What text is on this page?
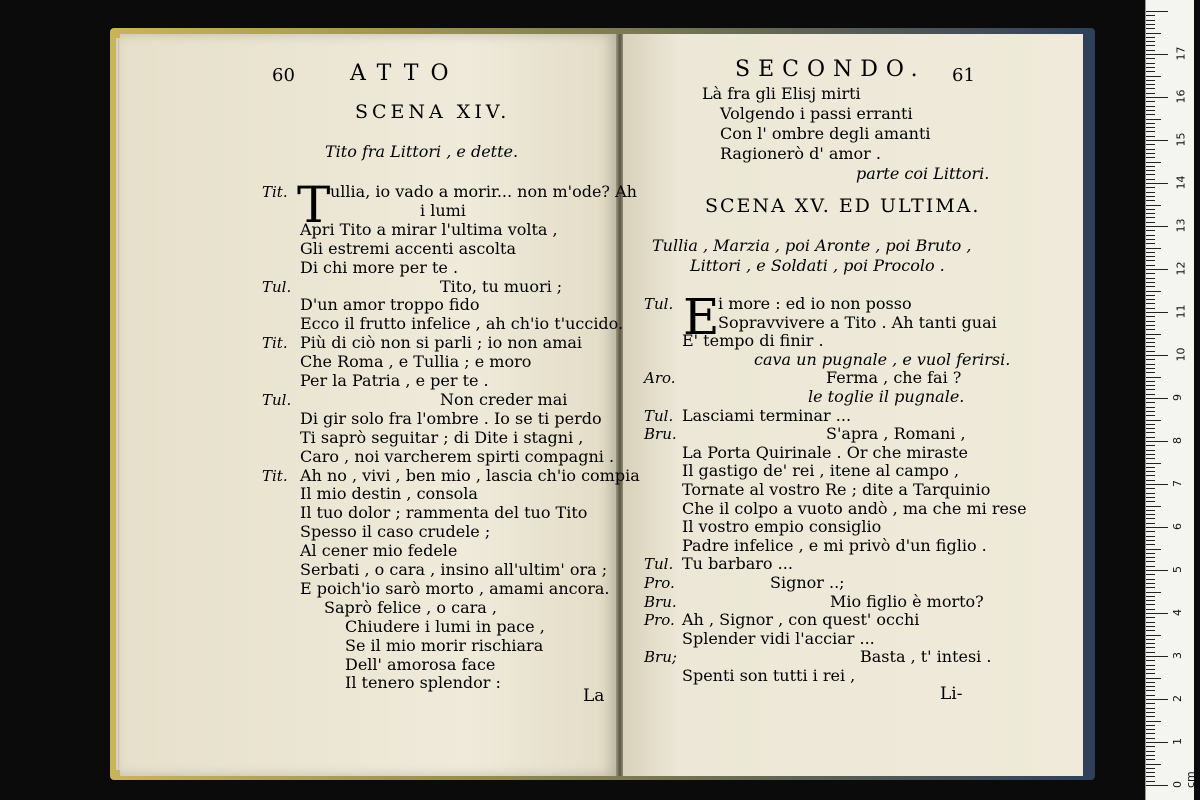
60	ATTO
SCENA XIV.
Tito fra Littori , e dette.
T
La
Tit.	ullia, io vado a morir... non m'ode? Ah
i lumi
Apri Tito a mirar l'ultima volta ,
Gli estremi accenti ascolta
Di chi more per te .
Tul.	Tito, tu muori ;
D'un amor troppo fido
Ecco il frutto infelice , ah ch'io t'uccido.
Tit. Più di ciò non si parli ; io non amai
Che Roma , e Tullia ; e moro
Per la Patria , e per te .
Tul.	Non creder mai
Di gir solo fra l'ombre . Io se ti perdo
Ti saprò seguitar ; di Dite i stagni ,
Caro , noi varcherem spirti compagni .
Tit. Ah no , vivi , ben mio , lascia ch'io compia
Il mio destin , consola
Il tuo dolor ; rammenta del tuo Tito
Spesso il caso crudele ;
Al cener mio fedele
Serbati , o cara , insino all'ultim' ora ;
E poich'io sarò morto , amami ancora.
Saprò felice , o cara ,
Chiudere i lumi in pace ,
Se il mio morir rischiara
Dell' amorosa face
Il tenero splendor :
SECONDO. 61
Là fra gli Elisj mirti
Volgendo i passi erranti
Con l' ombre degli amanti
Ragionerò d' amor .
parte coi Littori.
SCENA XV. ED ULTIMA.
Tullia , Marzia , poi Aronte , poi Bruto ,
Littori , e Soldati , poi Procolo .
E
Li-
Tul.	i more : ed io non posso
Sopravvivere a Tito . Ah tanti guai
E' tempo di finir .
cava un pugnale , e vuol ferirsi.
Aro.	Ferma , che fai ?
le toglie il pugnale.
Tul. Lasciami terminar ...
Bru.	S'apra , Romani ,
La Porta Quirinale . Or che miraste
Il gastigo de' rei , itene al campo ,
Tornate al vostro Re ; dite a Tarquinio
Che il colpo a vuoto andò , ma che mi rese
Il vostro empio consiglio
Padre infelice , e mi privò d'un figlio .
Tul. Tu barbaro ...
Pro.	Signor ..;
Bru.	Mio figlio è morto?
Pro. Ah , Signor , con quest' occhi
Splender vidi l'acciar ...
Bru;	Basta , t' intesi .
Spenti son tutti i rei ,
0 cm
1
2
3
4
5
6
7
8
9
10
11
12
13
14
15
16
17
